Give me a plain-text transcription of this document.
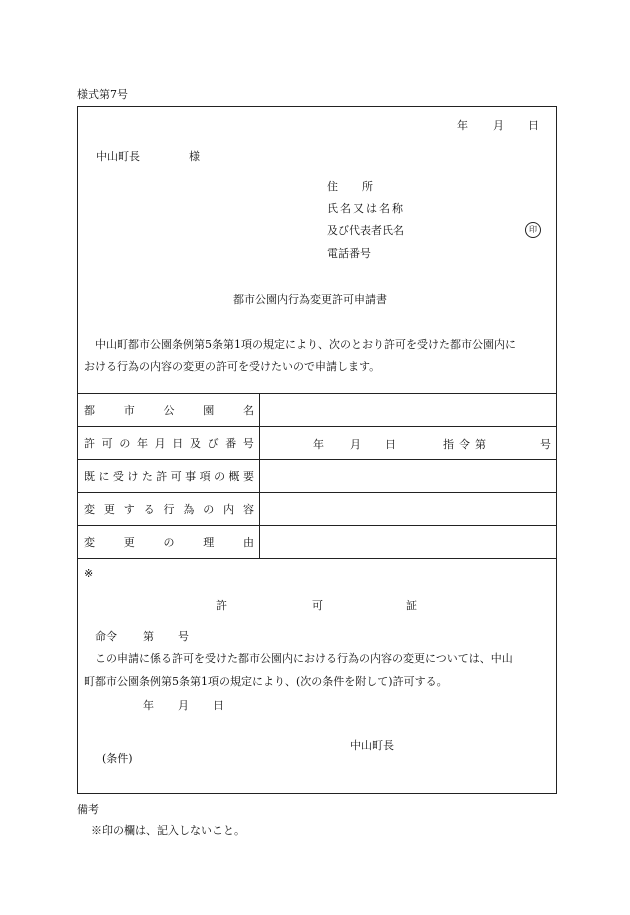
様式第7号
年 月 日
中山町長	様
住 所
氏名又は名称
及び代表者氏名	印
電話番号
都市公園内行為変更許可申請書
中山町都市公園条例第5条第1項の規定により、次のとおり許可を受けた都市公園内に
おける行為の内容の変更の許可を受けたいので申請します。
都	市	公	園	名
許 可 の 年 月 日 及 び 番 号	年 月 日	指令第	号
既 に 受 け た 許 可 事 項 の 概 要
変 更 す る 行 為 の 内 容
変	更	の	理	由
※
許	可	証
命令 第 号
この申請に係る許可を受けた都市公園内における行為の内容の変更については、中山
町都市公園条例第5条第1項の規定により、(次の条件を附して)許可する。
年 月 日
中山町長
(条件)
備考
※印の欄は、記入しないこと。
